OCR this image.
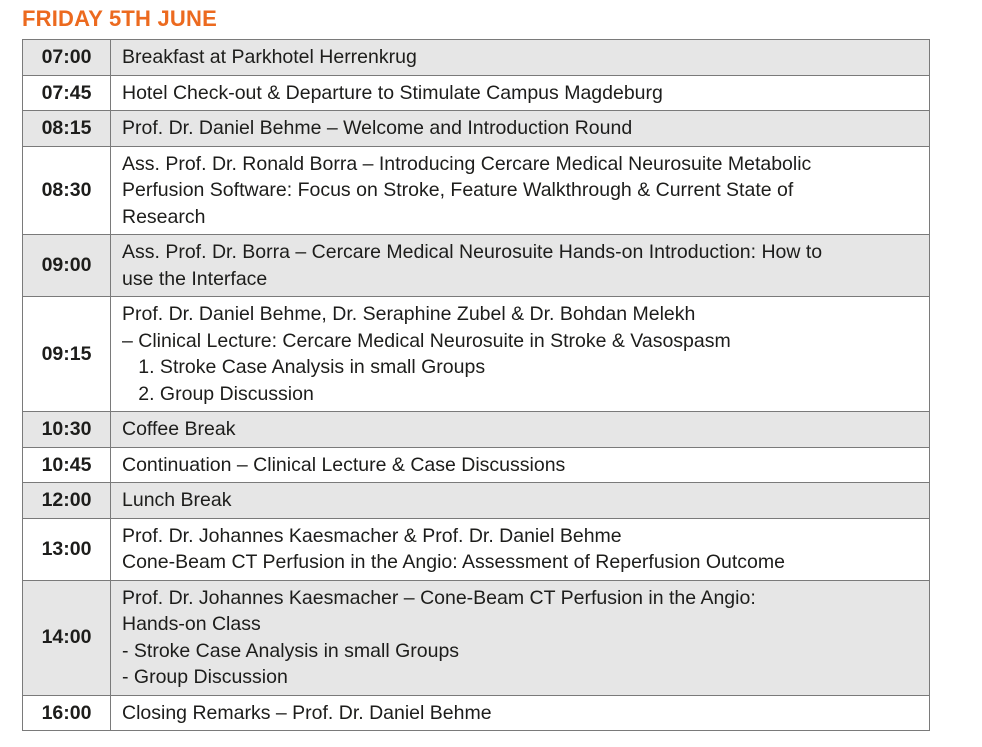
FRIDAY 5TH JUNE
07:00	Breakfast at Parkhotel Herrenkrug

07:45	Hotel Check-out & Departure to Stimulate Campus Magdeburg

08:15	Prof. Dr. Daniel Behme – Welcome and Introduction Round

08:30	Ass. Prof. Dr. Ronald Borra – Introducing Cercare Medical Neurosuite Metabolic
Perfusion Software: Focus on Stroke, Feature Walkthrough & Current State of
Research

09:00	Ass. Prof. Dr. Borra – Cercare Medical Neurosuite Hands-on Introduction: How to
use the Interface

09:15	Prof. Dr. Daniel Behme, Dr. Seraphine Zubel & Dr. Bohdan Melekh
– Clinical Lecture: Cercare Medical Neurosuite in Stroke & Vasospasm
1. Stroke Case Analysis in small Groups
2. Group Discussion

10:30	Coffee Break

10:45	Continuation – Clinical Lecture & Case Discussions

12:00	Lunch Break

13:00	Prof. Dr. Johannes Kaesmacher & Prof. Dr. Daniel Behme
Cone-Beam CT Perfusion in the Angio: Assessment of Reperfusion Outcome

14:00	Prof. Dr. Johannes Kaesmacher – Cone-Beam CT Perfusion in the Angio:
Hands-on Class
- Stroke Case Analysis in small Groups
- Group Discussion

16:00	Closing Remarks – Prof. Dr. Daniel Behme
